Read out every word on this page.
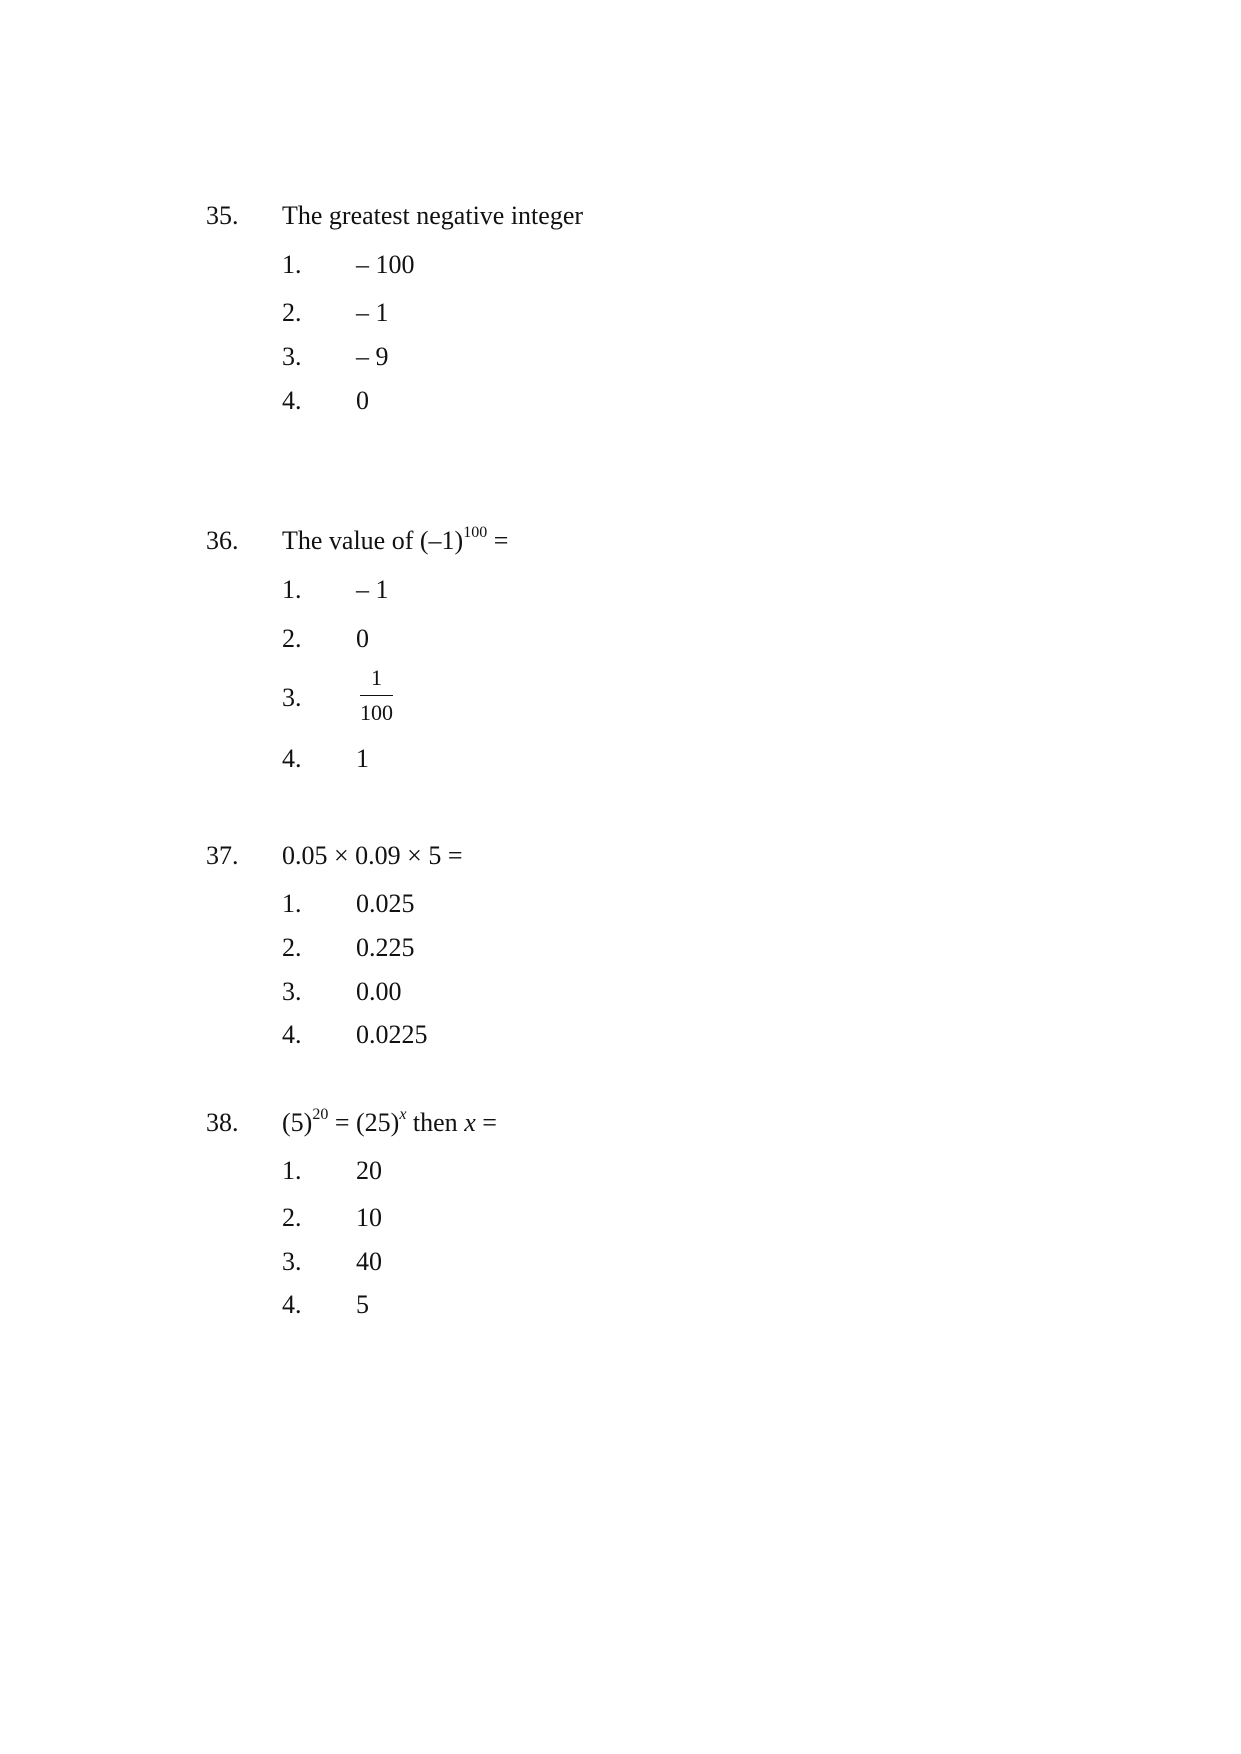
35. The greatest negative integer
1. – 100
2. – 1
3. – 9
4. 0
36. The value of $(-1)^{100}$ =
1. – 1
2. 0
3.	$\frac{1}{100}$
4. 1
37. 0.05 × 0.09 × 5 =
1. 0.025
2. 0.225
3. 0.00
4. 0.0225
38. $(5)^{20} = (25)^x$ then x =
1. 20
2. 10
3. 40
4. 5
